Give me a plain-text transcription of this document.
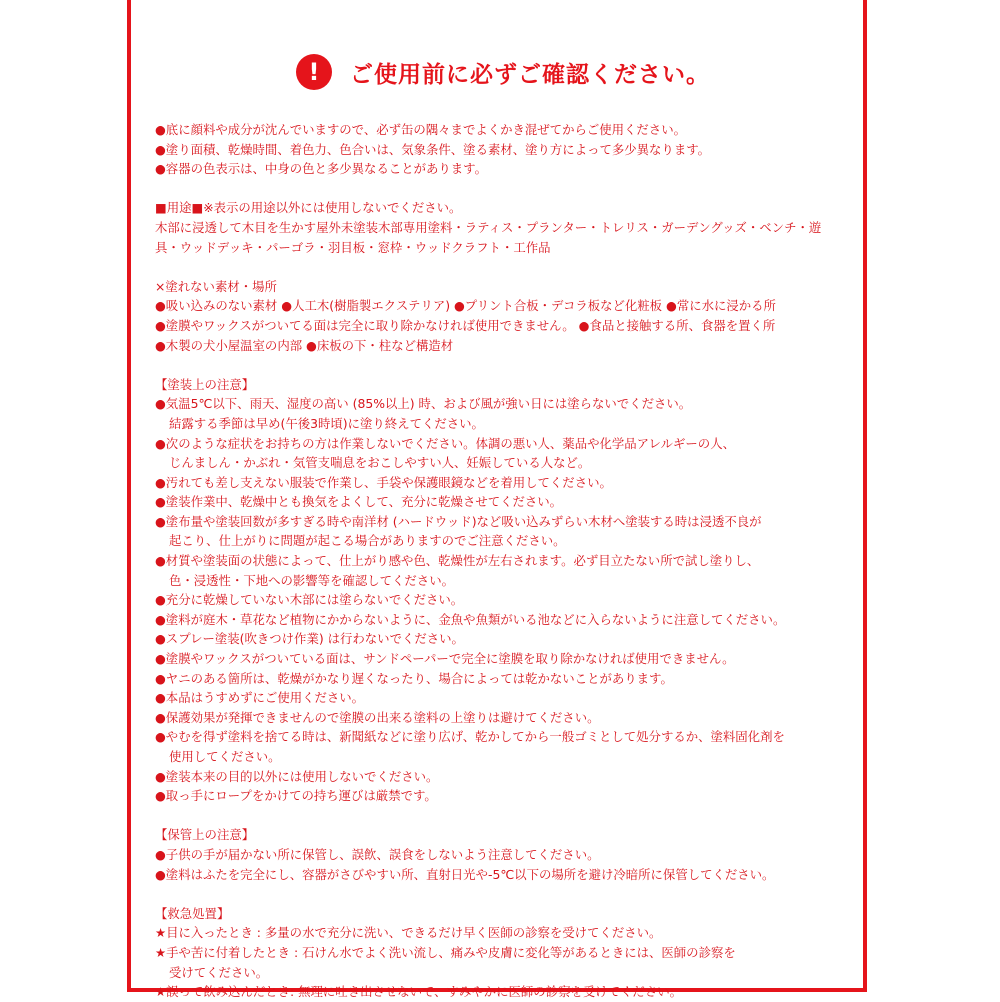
!	ご使用前に必ずご確認ください。
●底に顔料や成分が沈んでいますので、必ず缶の隅々までよくかき混ぜてからご使用ください。
●塗り面積、乾燥時間、着色力、色合いは、気象条件、塗る素材、塗り方によって多少異なります。
●容器の色表示は、中身の色と多少異なることがあります。
■用途■※表示の用途以外には使用しないでください。
木部に浸透して木目を生かす屋外未塗装木部専用塗料・ラティス・プランター・トレリス・ガーデングッズ・ベンチ・遊
具・ウッドデッキ・パーゴラ・羽目板・窓枠・ウッドクラフト・工作品
×塗れない素材・場所
●吸い込みのない素材 ●人工木(樹脂製エクステリア) ●プリント合板・デコラ板など化粧板 ●常に水に浸かる所
●塗膜やワックスがついてる面は完全に取り除かなければ使用できません。 ●食品と接触する所、食器を置く所
●木製の犬小屋温室の内部 ●床板の下・柱など構造材
【塗装上の注意】
●気温5℃以下、雨天、湿度の高い (85%以上) 時、および風が強い日には塗らないでください。
結露する季節は早め(午後3時頃)に塗り終えてください。
●次のような症状をお持ちの方は作業しないでください。体調の悪い人、薬品や化学品アレルギーの人、
じんましん・かぶれ・気管支喘息をおこしやすい人、妊娠している人など。
●汚れても差し支えない服装で作業し、手袋や保護眼鏡などを着用してください。
●塗装作業中、乾燥中とも換気をよくして、充分に乾燥させてください。
●塗布量や塗装回数が多すぎる時や南洋材 (ハードウッド)など吸い込みずらい木材へ塗装する時は浸透不良が
起こり、仕上がりに問題が起こる場合がありますのでご注意ください。
●材質や塗装面の状態によって、仕上がり感や色、乾燥性が左右されます。必ず目立たない所で試し塗りし、
色・浸透性・下地への影響等を確認してください。
●充分に乾燥していない木部には塗らないでください。
●塗料が庭木・草花など植物にかからないように、金魚や魚類がいる池などに入らないように注意してください。
●スプレー塗装(吹きつけ作業) は行わないでください。
●塗膜やワックスがついている面は、サンドペーパーで完全に塗膜を取り除かなければ使用できません。
●ヤニのある箇所は、乾燥がかなり遅くなったり、場合によっては乾かないことがあります。
●本品はうすめずにご使用ください。
●保護効果が発揮できませんので塗膜の出来る塗料の上塗りは避けてください。
●やむを得ず塗料を捨てる時は、新聞紙などに塗り広げ、乾かしてから一般ゴミとして処分するか、塗料固化剤を
使用してください。
●塗装本来の目的以外には使用しないでください。
●取っ手にロープをかけての持ち運びは厳禁です。
【保管上の注意】
●子供の手が届かない所に保管し、誤飲、誤食をしないよう注意してください。
●塗料はふたを完全にし、容器がさびやすい所、直射日光や-5℃以下の場所を避け冷暗所に保管してください。
【救急処置】
★目に入ったとき : 多量の水で充分に洗い、できるだけ早く医師の診察を受けてください。
★手や苦に付着したとき : 石けん水でよく洗い流し、痛みや皮膚に変化等があるときには、医師の診察を
受けてください。
★誤って飲み込んだとき: 無理に吐き出させないで、すみやかに医師の診察を受けてください。
